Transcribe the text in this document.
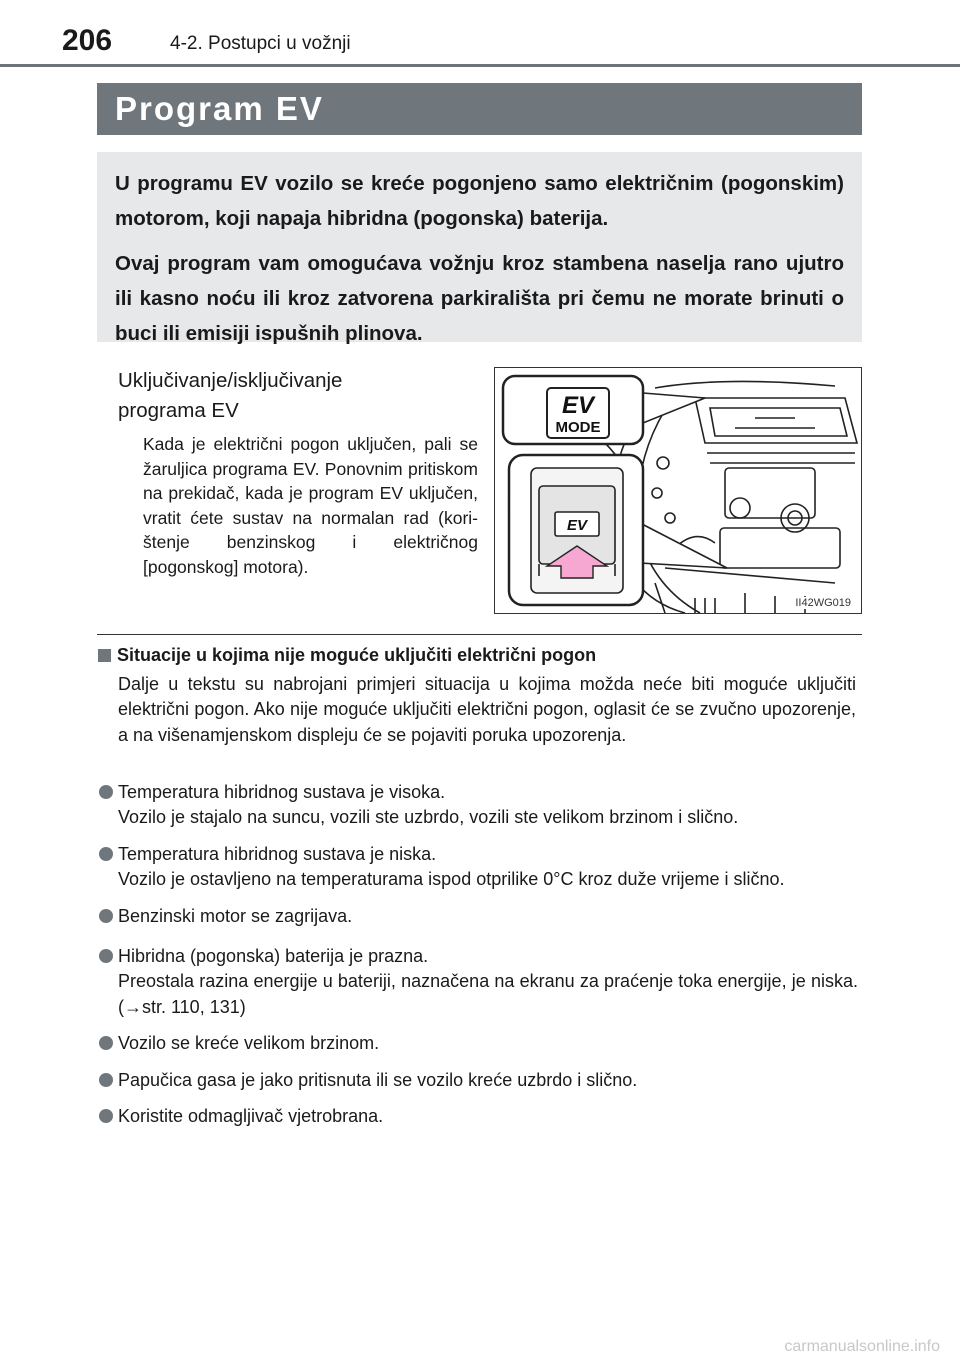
206	4-2. Postupci u vožnji
Program EV

U programu EV vozilo se kreće pogonjeno samo električnim (pogonskim) motorom, koji napaja hibridna (pogonska) baterija.

Ovaj program vam omogućava vožnju kroz stambena naselja rano ujutro ili kasno noću ili kroz zatvorena parkirališta pri čemu ne morate brinuti o buci ili emisiji ispušnih plinova.

Uključivanje/isključivanje programa EV
Kada je električni pogon uključen, pali se žaruljica programa EV. Ponovnim pritiskom na prekidač, kada je program EV uključen, vratit ćete sustav na normalan rad (kori-štenje benzinskog i električnog [pogonskog] motora).
EV
MODE
EV
II42WG019
Situacije u kojima nije moguće uključiti električni pogon
Dalje u tekstu su nabrojani primjeri situacija u kojima možda neće biti moguće uključiti električni pogon. Ako nije moguće uključiti električni pogon, oglasit će se zvučno upozorenje, a na višenamjenskom displeju će se pojaviti poruka upozorenja.
Temperatura hibridnog sustava je visoka.
Vozilo je stajalo na suncu, vozili ste uzbrdo, vozili ste velikom brzinom i slično.
Temperatura hibridnog sustava je niska.
Vozilo je ostavljeno na temperaturama ispod otprilike 0°C kroz duže vrijeme i slično.
Benzinski motor se zagrijava.
Hibridna (pogonska) baterija je prazna.
Preostala razina energije u bateriji, naznačena na ekranu za praćenje toka energije, je niska. (→str. 110, 131)
Vozilo se kreće velikom brzinom.
Papučica gasa je jako pritisnuta ili se vozilo kreće uzbrdo i slično.
Koristite odmagljivač vjetrobrana.
carmanualsonline.info
